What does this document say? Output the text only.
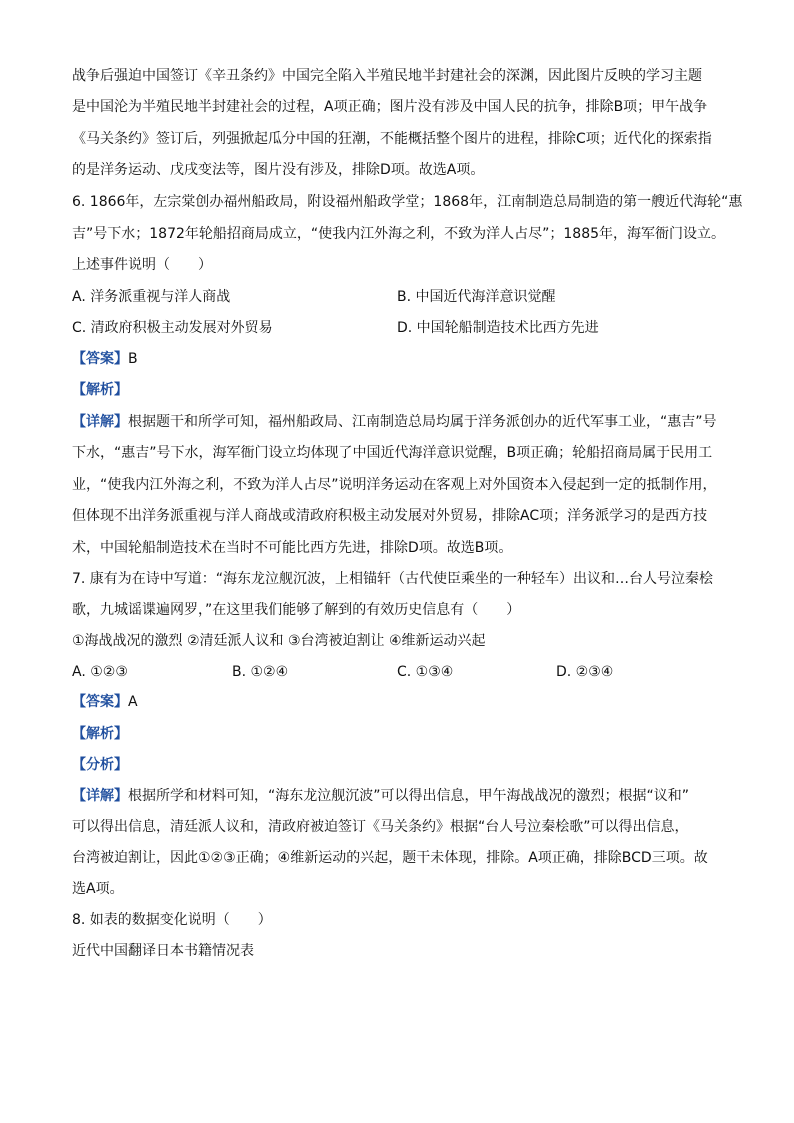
战争后强迫中国签订《辛丑条约》中国完全陷入半殖民地半封建社会的深渊，因此图片反映的学习主题
是中国沦为半殖民地半封建社会的过程，A项正确；图片没有涉及中国人民的抗争，排除B项；甲午战争
《马关条约》签订后，列强掀起瓜分中国的狂潮，不能概括整个图片的进程，排除C项；近代化的探索指
的是洋务运动、戊戌变法等，图片没有涉及，排除D项。故选A项。
6. 1866年，左宗棠创办福州船政局，附设福州船政学堂；1868年，江南制造总局制造的第一艘近代海轮“惠
吉”号下水；1872年轮船招商局成立，“使我内江外海之利，不致为洋人占尽”；1885年，海军衙门设立。
上述事件说明（　　）
A. 洋务派重视与洋人商战	B. 中国近代海洋意识觉醒
C. 清政府积极主动发展对外贸易	D. 中国轮船制造技术比西方先进
【答案】B
【解析】
【详解】根据题干和所学可知，福州船政局、江南制造总局均属于洋务派创办的近代军事工业，“惠吉”号
下水，“惠吉”号下水，海军衙门设立均体现了中国近代海洋意识觉醒，B项正确；轮船招商局属于民用工
业，“使我内江外海之利，不致为洋人占尽”说明洋务运动在客观上对外国资本入侵起到一定的抵制作用，
但体现不出洋务派重视与洋人商战或清政府积极主动发展对外贸易，排除AC项；洋务派学习的是西方技
术，中国轮船制造技术在当时不可能比西方先进，排除D项。故选B项。
7. 康有为在诗中写道：“海东龙泣舰沉波，上相锚轩（古代使臣乘坐的一种轻车）出议和…台人号泣秦桧
歌，九城谣谍遍网罗，”在这里我们能够了解到的有效历史信息有（　　）
①海战战况的激烈 ②清廷派人议和 ③台湾被迫割让 ④维新运动兴起
A. ①②③	B. ①②④	C. ①③④	D. ②③④
【答案】A
【解析】
【分析】
【详解】根据所学和材料可知，“海东龙泣舰沉波”可以得出信息，甲午海战战况的激烈；根据“议和”
可以得出信息，清廷派人议和，清政府被迫签订《马关条约》根据“台人号泣秦桧歌”可以得出信息，
台湾被迫割让，因此①②③正确；④维新运动的兴起，题干未体现，排除。A项正确，排除BCD三项。故
选A项。
8. 如表的数据变化说明（　　）
近代中国翻译日本书籍情况表
